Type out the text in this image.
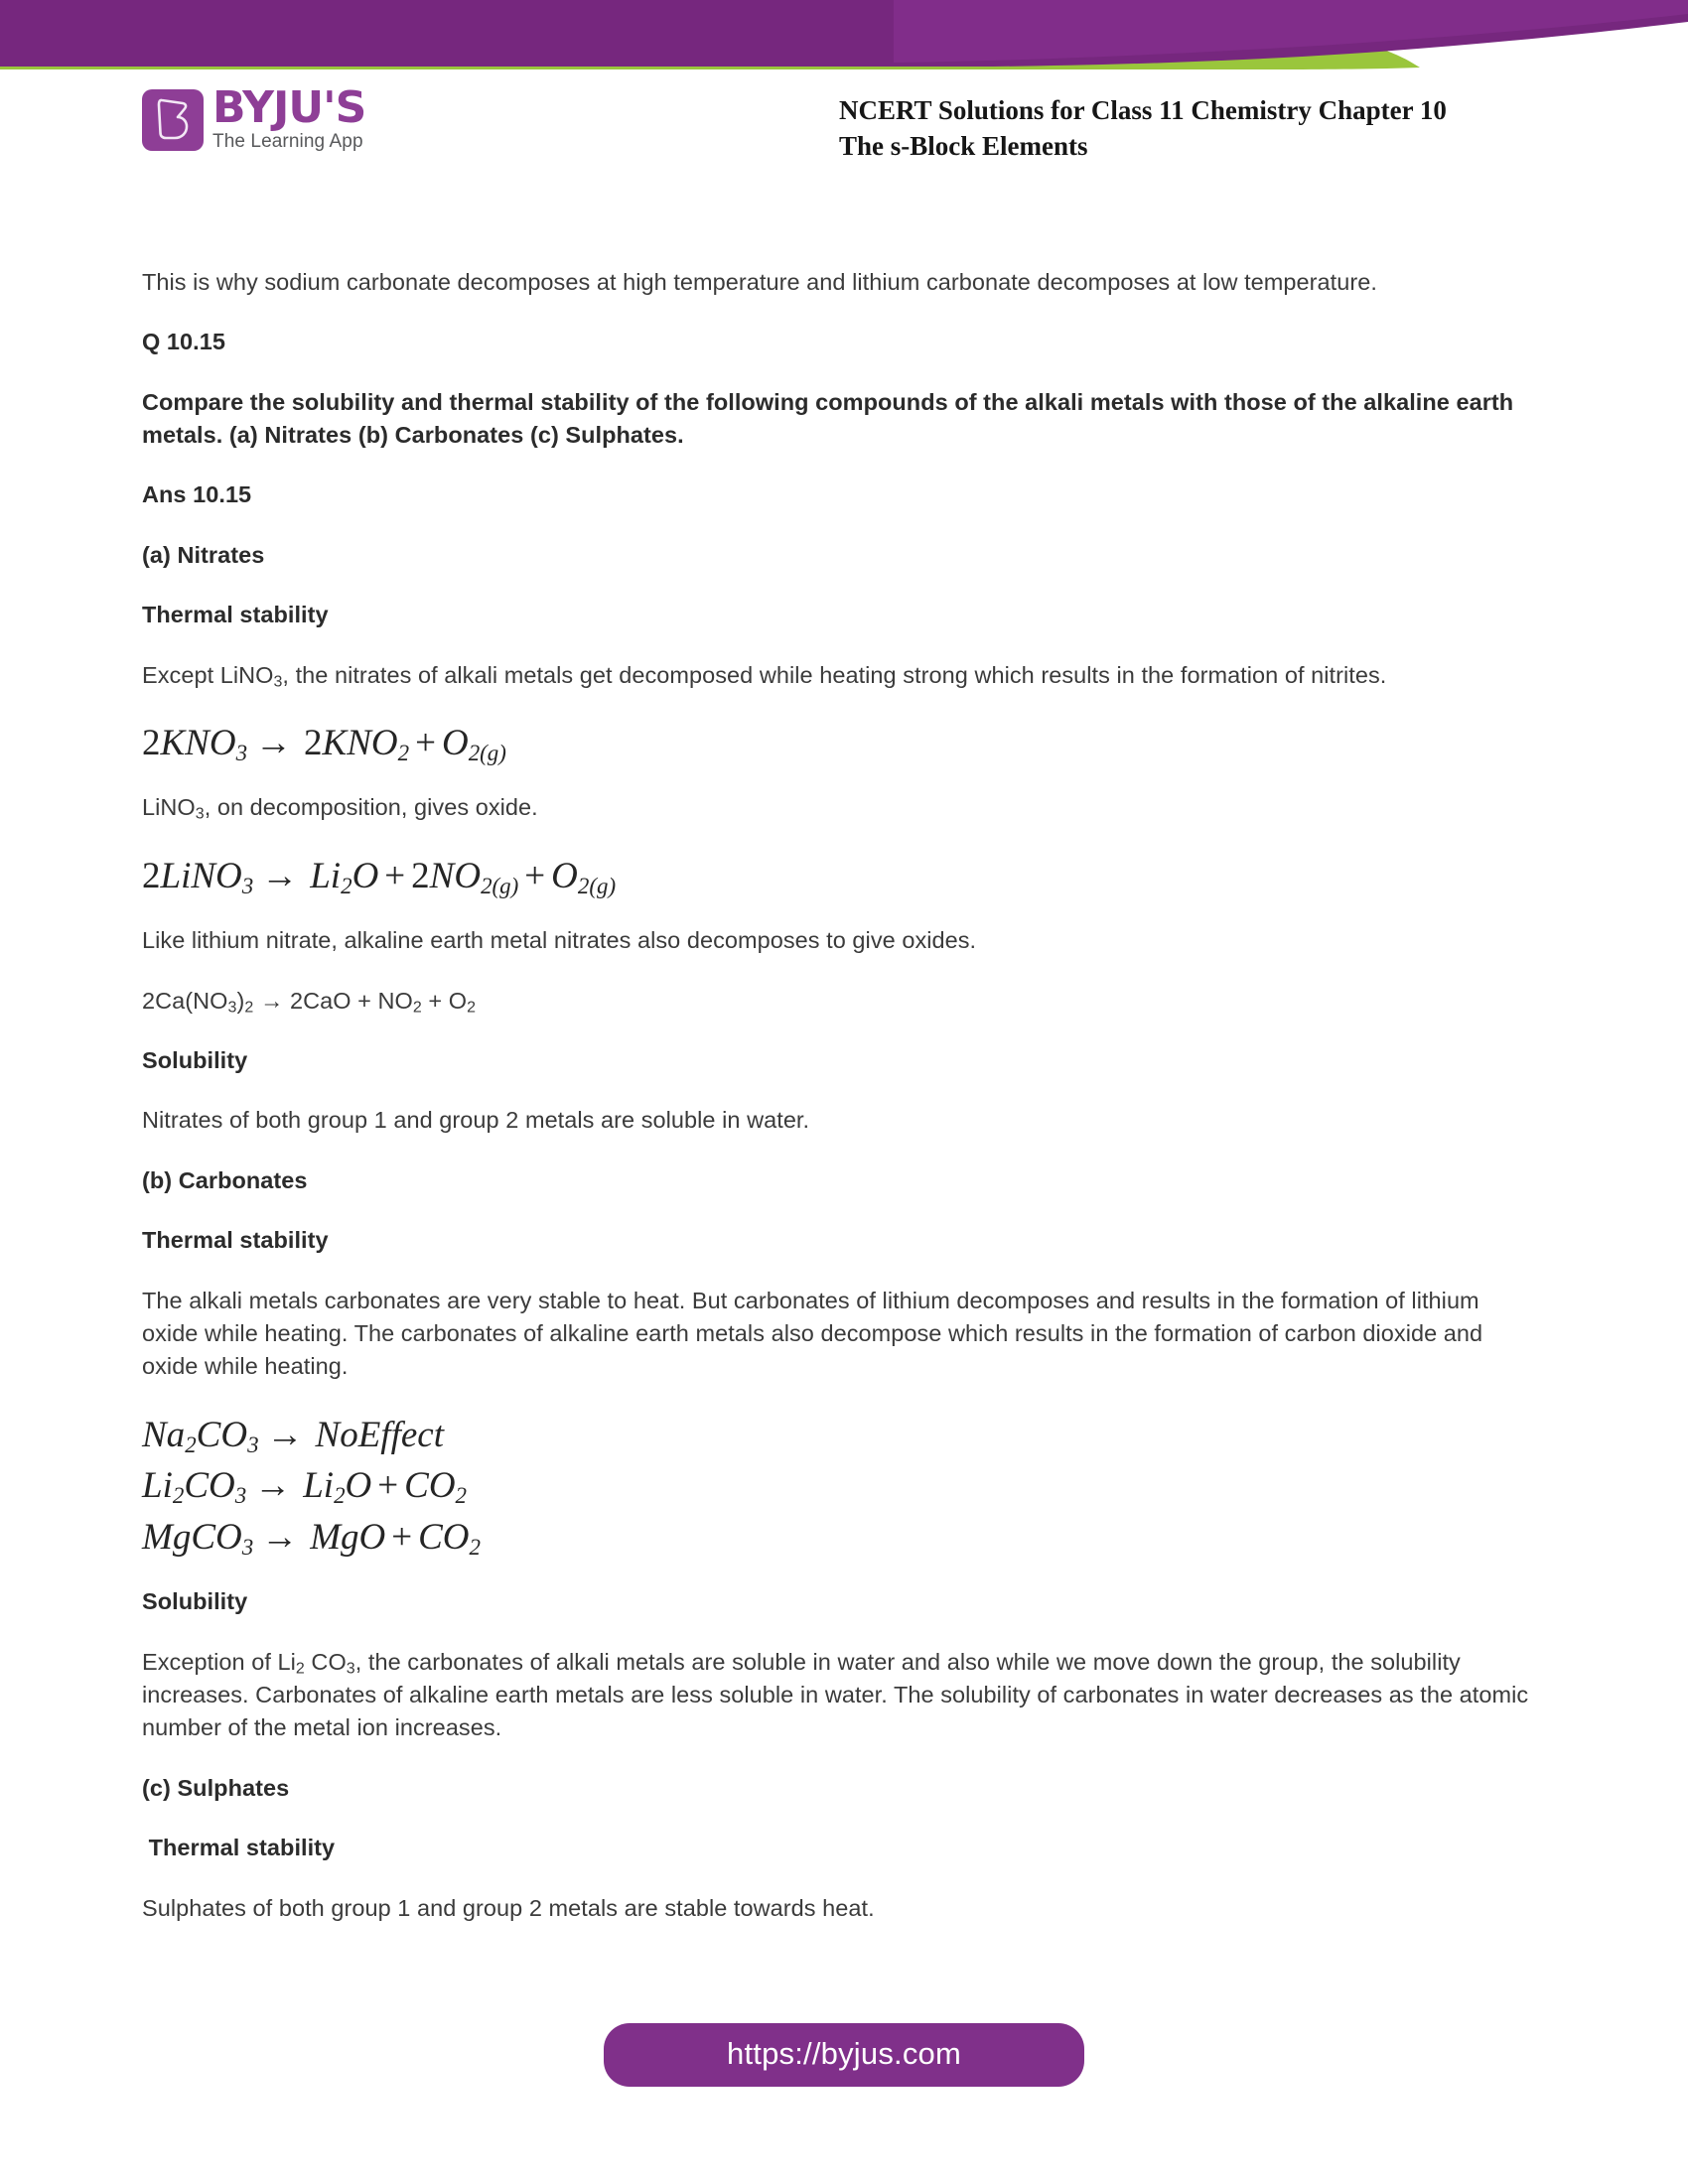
BYJU'S
The Learning App
NCERT Solutions for Class 11 Chemistry Chapter 10
The s-Block Elements

This is why sodium carbonate decomposes at high temperature and lithium carbonate decomposes at low temperature.

Q 10.15

Compare the solubility and thermal stability of the following compounds of the alkali metals with those of the alkaline earth metals. (a) Nitrates (b) Carbonates (c) Sulphates.

Ans 10.15

(a) Nitrates

Thermal stability

Except LiNO$_3$, the nitrates of alkali metals get decomposed while heating strong which results in the formation of nitrites.

$2KNO_3 \to 2KNO_2 + O_{2(g)}$

LiNO$_3$, on decomposition, gives oxide.

2LiNO$_3$ → $Li_2O + 2NO_{2(g)} + O_{2(g)}$

Like lithium nitrate, alkaline earth metal nitrates also decomposes to give oxides.

$2Ca(NO_3)_2 \to 2CaO + NO_2 + O_2$

Solubility

Nitrates of both group 1 and group 2 metals are soluble in water.

(b) Carbonates

Thermal stability

The alkali metals carbonates are very stable to heat. But carbonates of lithium decomposes and results in the formation of lithium oxide while heating. The carbonates of alkaline earth metals also decompose which results in the formation of carbon dioxide and oxide while heating.

$Na_2CO_3$ → NoEffect
$Li_2CO_3 \to Li_2O + CO_2$
MgCO$_3$ → MgO + $CO_2$

Solubility

Exception of $Li_2$ $CO_3$, the carbonates of alkali metals are soluble in water and also while we move down the group, the solubility increases. Carbonates of alkaline earth metals are less soluble in water. The solubility of carbonates in water decreases as the atomic number of the metal ion increases.

(c) Sulphates

Thermal stability

Sulphates of both group 1 and group 2 metals are stable towards heat.

https://byjus.com
